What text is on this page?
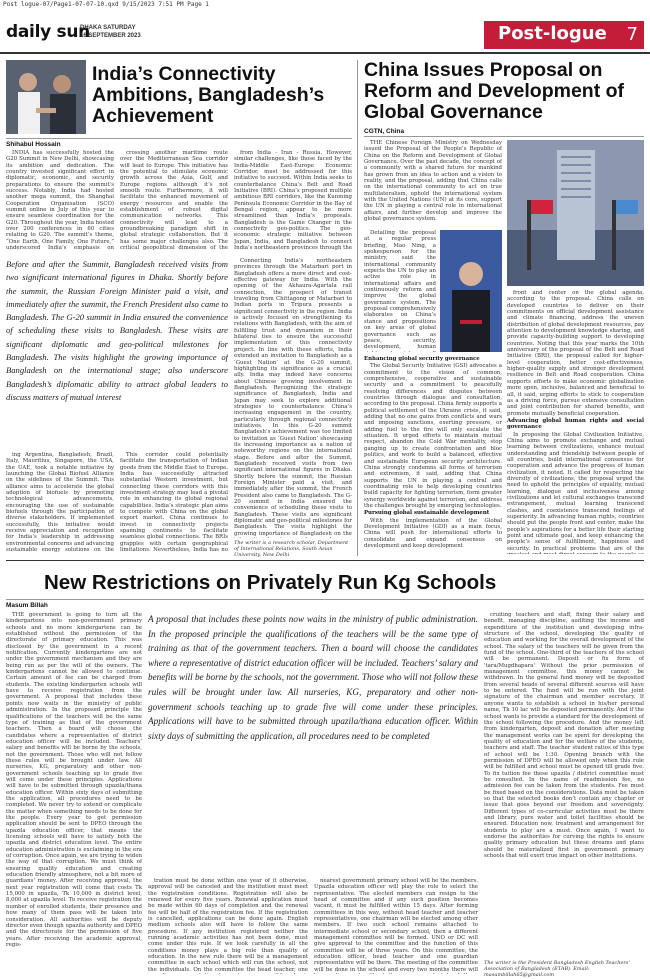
Post logue-07/Page1-07-07-10.qxd 9/15/2023 7:51 PM Page 1
daily sun
DHAKA SATURDAY
16 SEPTEMBER 2023	Post-logue 7
India’s Connectivity Ambitions, Bangladesh’s Achievement
Shihabul Hossain

INDIA has successfully hosted the G20 Summit in New Delhi, showcasing its ambition and dedication. The country invested significant effort in diplomatic, economic, and security preparations to ensure the summit’s success. Notably, India had hosted another mega summit, the Shanghai Cooperation Organisation (SCO) summit online in July of this year to ensure seamless coordination for the G20. Throughout the year, India hosted over 200 conferences in 60 cities relating to G20. The summit’s theme, “One Earth, One Family, One Future,” underscored India’s emphasis on

crossing another maritime route over the Mediterranean Sea corridor will lead to Europe. This initiative has the potential to stimulate economic growth across the Asia, Gulf, and Europe regions although it’s not smooth route. Furthermore, it will facilitate the enhanced movement of energy resources and enable the establishment of robust digital communication networks. This connectivity will lead to a groundbreaking paradigm shift in global strategic collaboration. But it has some major challenges also. The critical geopolitical dimension of the

from India - Iran - Russia. However, similar challenges, like those faced by the India-Middle East-Europe Economic Corridor, must be addressed for this initiative to succeed. Within India seeks to counterbalance China’s Belt and Road Initiative (BRI). China’s proposed multiple ambitious BRI corridors, like the Kunming Peninsula Economic Corridor in the Bay of Bengal region, appear to be more streamlined than India’s proposals. Bangladesh is the Game Changer in the connectivity geo-politics. The geo-economic strategic initiative between Japan, India, and Bangladesh to connect India’s northeastern provinces through the

Before and after the Summit, Bangladesh received visits from two significant international figures in Dhaka. Shortly before the summit, the Russian Foreign Minister paid a visit, and immediately after the summit, the French President also came to Bangladesh. The G-20 summit in India ensured the convenience of scheduling these visits to Bangladesh. These visits are significant diplomatic and geo-political milestones for Bangladesh. The visits highlight the growing importance of Bangladesh on the international stage; also underscore Bangladesh’s diplomatic ability to attract global leaders to discuss matters of mutual interest

ing Argentina, Bangladesh, Brazil, Italy, Mauritius, Singapore, the USA, the UAE, took a notable initiative by launching the Global Biofuel Alliance on the sidelines of the Summit. This alliance aims to accelerate the global adoption of biofuels by promoting technological advancements, encouraging the use of sustainable biofuels through the participation of diverse stakeholders. If implemented successfully, this initiative would receive appreciation and recognition for India’s leadership in addressing environmental concerns and advancing sustainable energy solutions on the

This corridor could potentially facilitate the transportation of Indian goods from the Middle East to Europe. India has successfully attracted substantial Western investment, but connecting these corridors with this investment strategy may lead a pivotal role in enhancing its global regional capabilities. India’s strategic plan aims to compete with China on the global export market. China continues to invest in connectivity projects spanning continents to facilitate seamless global connections. The BRIs grapples with certain geographical limitations. Nevertheless, India has no

Connecting India’s northeastern provinces through the Matarbari port in Bangladesh offers a more direct and cost-effective gateway for India. With the opening of the Akhaura-Agartala rail connection, the prospect of transit traveling from Chittagong or Matarbari to Indian ports in Tripura presents a significant connectivity in the region. India is actively focused on strengthening its relations with Bangladesh, with the aim of fulfilling trust and dynamism in their bilateral ties to ensure the successful implementation of this connectivity project. In line with these efforts, India extended an invitation to Bangladesh as a ‘Guest Nation’ at the G-20 summit, highlighting its significance as a crucial ally. India may indeed have concerns about Chinese growing involvement in Bangladesh. Recognizing the strategic significance of Bangladesh, India and Japan may seek to explore additional strategies to counterbalance China’s increasing engagement in the country, particularly through regional connectivity initiatives. In this G-20 summit Bangladesh’s achievement was too limited to invitation as ‘Guest Nation’ showcasing its increasing importance as a nation of noteworthy regions on the international stage. Before and after the Summit, Bangladesh received visits from two significant international figures in Dhaka. Shortly before the summit, the Russian Foreign Minister paid a visit, and immediately after the summit, the French President also came to Bangladesh. The G-20 summit in India ensured the convenience of scheduling these visits to Bangladesh. These visits are significant diplomatic and geo-political milestones for Bangladesh. The visits highlight the growing importance of Bangladesh on the

The writer is a research scholar, Department of International Relations, South Asian University, New Delhi
China Issues Proposal on Reform and Development of Global Governance
CGTN, China

THE Chinese Foreign Ministry on Wednesday issued the Proposal of the People’s Republic of China on the Reform and Development of Global Governance. Over the past decade, the concept of a community with a shared future for mankind has grown from an idea to action and a vision to reality, and the proposal, adding that China calls on the international community to act on true multilateralism, uphold the international system with the United Nations (UN) at its core, support the UN in playing a central role in international affairs, and further develop and improve the global governance system.

Detailing the proposal at a regular press briefing, Mao Ning, a spokesperson for the ministry, said the international community expects the UN to play an active role in international affairs and continuously reform and improve the global governance system. The proposal comprehensively elaborates on China’s stance and propositions on key areas of global governance such as peace, security, development, human

Enhancing global security governance

The Global Security Initiative (GSI) advocates a commitment to the vision of common, comprehensive, cooperative and sustainable security and a commitment to peacefully resolving differences and disputes between countries through dialogue and consultation, according to the proposal. China firmly supports a political settlement of the Ukraine crisis, it said, adding that no one gains from conflicts and wars and imposing sanctions, exerting pressure, or adding fuel to the fire will only escalate the situation. It urged efforts to maintain mutual respect, abandon the Cold War mentality, stop ganging up to create confrontation and bloc politics, and work to build a balanced, effective and sustainable European security architecture. China strongly condemns all forms of terrorism and extremism, it said, adding that China supports the UN in playing a central and coordinating role to help developing countries build capacity for fighting terrorism, form greater synergy worldwide against terrorism, and address the challenges brought by emerging technologies.

Pursuing global sustainable development

With the implementation of the Global Development Initiative (GDI) as a main focus, China will push for international efforts to consolidate and expand consensus on development and keep development

front and center on the global agenda, according to the proposal. China calls on developed countries to deliver on their commitments on official development assistance and climate financing, address the uneven distribution of global development resources, pay attention to development knowledge sharing, and provide capacity-building support to developing countries. Noting that this year marks the 10th anniversary of the proposal of the Belt and Road Initiative (BRI), the proposal called for higher-level cooperation, better cost-effectiveness, higher-quality supply and stronger development resilience in Belt and Road cooperation. China supports efforts to make economic globalization more open, inclusive, balanced and beneficial to all, it said, urging efforts to stick to cooperation as a driving force, pursue extensive consultation and joint contribution for shared benefits, and promote mutually beneficial cooperation.

Advancing global human rights and social governance

In proposing the Global Civilization Initiative, China aims to promote exchange and mutual learning between civilizations, enhance mutual understanding and friendship between people of all countries, build international consensus for cooperation and advance the progress of human civilization, it noted. It called for respecting the diversity of civilizations, the proposal urged the need to uphold the principles of equality, mutual learning, dialogue and inclusiveness among civilizations and let cultural exchanges transcend estrangement, mutual learning transcend clashes, and coexistence transcend feelings of superiority. In advancing human rights, countries should put the people front and center, make the people’s aspirations for a better life their starting point and ultimate goal, and keep enhancing the people’s sense of fulfillment, happiness and security. In practical problems that are of the

New Restrictions on Privately Run Kg Schools
Masum Billah

THE government is going to turn all the kindergartens into non-government primary schools and no more kindergartens can be established without the permission of the directorate of primary education. This was disclosed by the government in a recent notification. Currently kindergartens are not under the government mechanism and they are being run as per the will of the owners. The kindergartens cannot be allowed to continue. Certain amount of fee can be charged from students. The existing kindergarten schools will have to receive registration from the government. A proposal that includes these points now waits in the ministry of public administration. In the proposed principle the qualifications of the teachers will be the same type of training as that of the government teachers. Then a board will choose the candidates where a representative of district education officer will be included. Teachers’ salary and benefits will be borne by the schools, not the government. Those who will not follow these rules will be brought under law. All nurseries, KG, preparatory and other non-government schools teaching up to grade five will come under these principles. Applications will have to be submitted through upazila/thana education officer. Within sixty days of submitting the application, all procedures need to be completed. We never try to extend or complicate the matter when something needs to be done for the people. Every year to get permission application should be sent to DPEO through the upazila education officer, that means the licensing schools will have to satisfy both the upazila and district education level. The entire education administration is exclaiming in the era of corruption. Once again, we are trying to widen the way of that corruption. We must think of ensuring quality education and creating education friendly atmosphere, not a bit more of guardians’ money. After receiving approval, the next year registration will come that costs Tk 15,000 in upazila, Tk 10,000 in district level, 8,000 at upazila level. To receive registration the number of enrolled students, their presence and how many of them pass will be taken into consideration. All authorities will be deputy director even though upazila authority and DPEO and the directorate for the permission of five years. After receiving the academic approval, regis-

A proposal that includes these points now waits in the ministry of public administration. In the proposed principle the qualifications of the teachers will be the same type of training as that of the government teachers. Then a board will choose the candidates where a representative of district education officer will be included. Teachers’ salary and benefits will be borne by the schools, not the government. Those who will not follow these rules will be brought under law. All nurseries, KG, preparatory and other non-government schools teaching up to grade five will come under these principles. Applications will have to be submitted through upazila/thana education officer. Within sixty days of submitting the application, all procedures need to be completed

tration must be done within one year of it otherwise, approval will be canceled and the institution must meet the registration conditions. Registration will also be renewed for every five years. Renewal application must be made within 60 days of completion and the renewal fee will be half of the registration fee. If the registration is cancelled, applications can be done again. English medium schools also will have to follow the same procedure. If any institution registered neither the running academic activities has not been done, must come under this rule. If we look carefully in all the conditions money plays a big role than quality of education. In the new rule there will be a management committee in each school which will run the school, not the individuals. On the committee the head teacher, one

nearest government primary school will be the members. Upazila education officer will play the role to select the representative. The elected members can resign to the head of committee and if any such position becomes vacant, it must be fulfilled within 15 days. After forming committees in this way, without head teacher and teacher representatives, one chairman will be elected among other members. If two such school remains attached to intermediate school or secondary school, then a different management committee will be formed. UNO or DC will give approval to the committee and the function of this committee will be of three years. On this committee, the education officer, head teacher and one guardian representative will be there. The meeting of the committee will be done in the school and every two months there will

cruiting teachers and staff, fixing their salary and benefit, managing discipline, auditing the income and expenditure of the institution and developing infra-structure of the school, developing the quality of education and working for the overall development of the school. The salary of the teachers will be given from the fund of the school. One-third of the teachers of the school will be permanent. Deposit or fix form of 'tara/Mugdhapara' Without the prior permission of management committee, this money cannot be withdrawn. In the general fund money will be deposited from several heads of several different sources will have to be entered. The fund will be run with the joint signature of the chairman and member secretary. If anyone wants to establish a school in his/her personal name, Tk 10 lac will be deposited permanently. And if the school wants to provide a standard for the development of the school following the procedure. And the money left from kindergarten, deposit and donation after meeting the management works can be spent for developing the quality of education and for the welfare of the students, teachers and staff. The teacher student ratios of this type of school will be 1:30. Opening branch with the permission of DPEO will be allowed only when this rule will be fulfilled and school must be opened till grade five. To fix tuition fee these upazila / district committee must be consulted. In the name of readmission fee, no admission fee can be taken from the students. Fee must be fixed based on the considerations. Data must be taken so that the selected books don’t contain any chapter or issue that goes beyond our freedom and sovereignty. Different types of co-curricular activities must be there and library, pure water and toilet facilities should be ensured. Education now, treatment and arrangement for students to play are a must. Once again, I want to endorse the authorities for curving the rights to ensure quality primary education but these dreams and plans should be materialized first in government primary schools that will exert true impact on other institutions.

The writer is the President Bangladesh English Teachers’ Association of Bangladesh (ETAB). Email: masumbillah65@gmail.com
